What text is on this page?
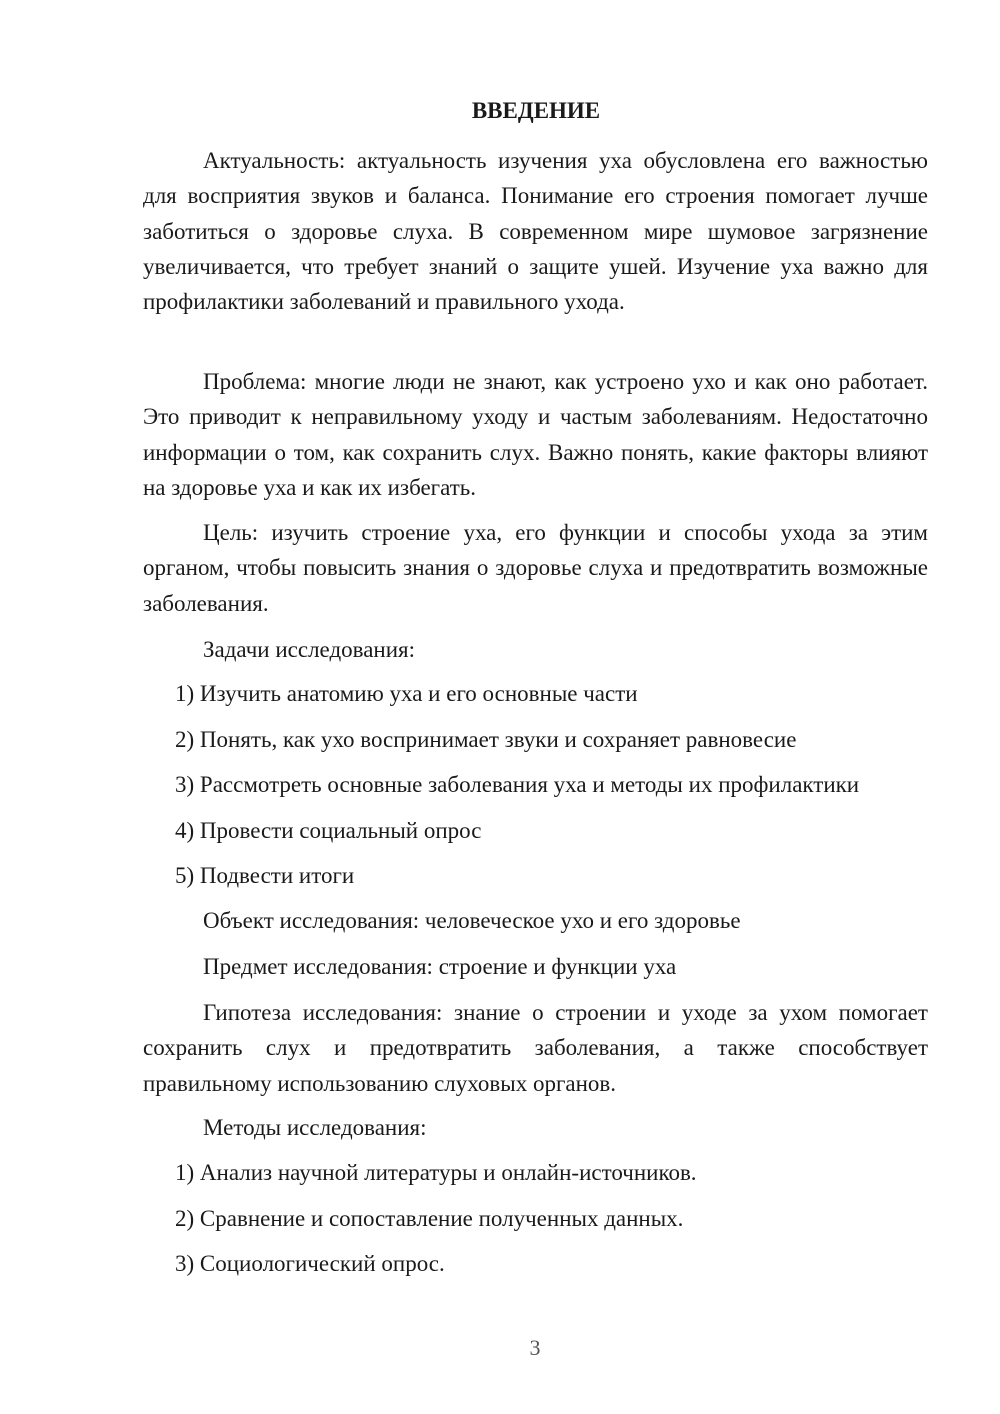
ВВЕДЕНИЕ

Актуальность: актуальность изучения уха обусловлена его важностью для восприятия звуков и баланса. Понимание его строения помогает лучше заботиться о здоровье слуха. В современном мире шумовое загрязнение увеличивается, что требует знаний о защите ушей. Изучение уха важно для профилактики заболеваний и правильного ухода.

Проблема: многие люди не знают, как устроено ухо и как оно работает. Это приводит к неправильному уходу и частым заболеваниям. Недостаточно информации о том, как сохранить слух. Важно понять, какие факторы влияют на здоровье уха и как их избегать.

Цель: изучить строение уха, его функции и способы ухода за этим органом, чтобы повысить знания о здоровье слуха и предотвратить возможные заболевания.

Задачи исследования:
1) Изучить анатомию уха и его основные части
2) Понять, как ухо воспринимает звуки и сохраняет равновесие
3) Рассмотреть основные заболевания уха и методы их профилактики
4) Провести социальный опрос
5) Подвести итоги
Объект исследования: человеческое ухо и его здоровье
Предмет исследования: строение и функции уха

Гипотеза исследования: знание о строении и уходе за ухом помогает сохранить слух и предотвратить заболевания, а также способствует правильному использованию слуховых органов.

Методы исследования:
1) Анализ научной литературы и онлайн-источников.
2) Сравнение и сопоставление полученных данных.
3) Социологический опрос.
3
